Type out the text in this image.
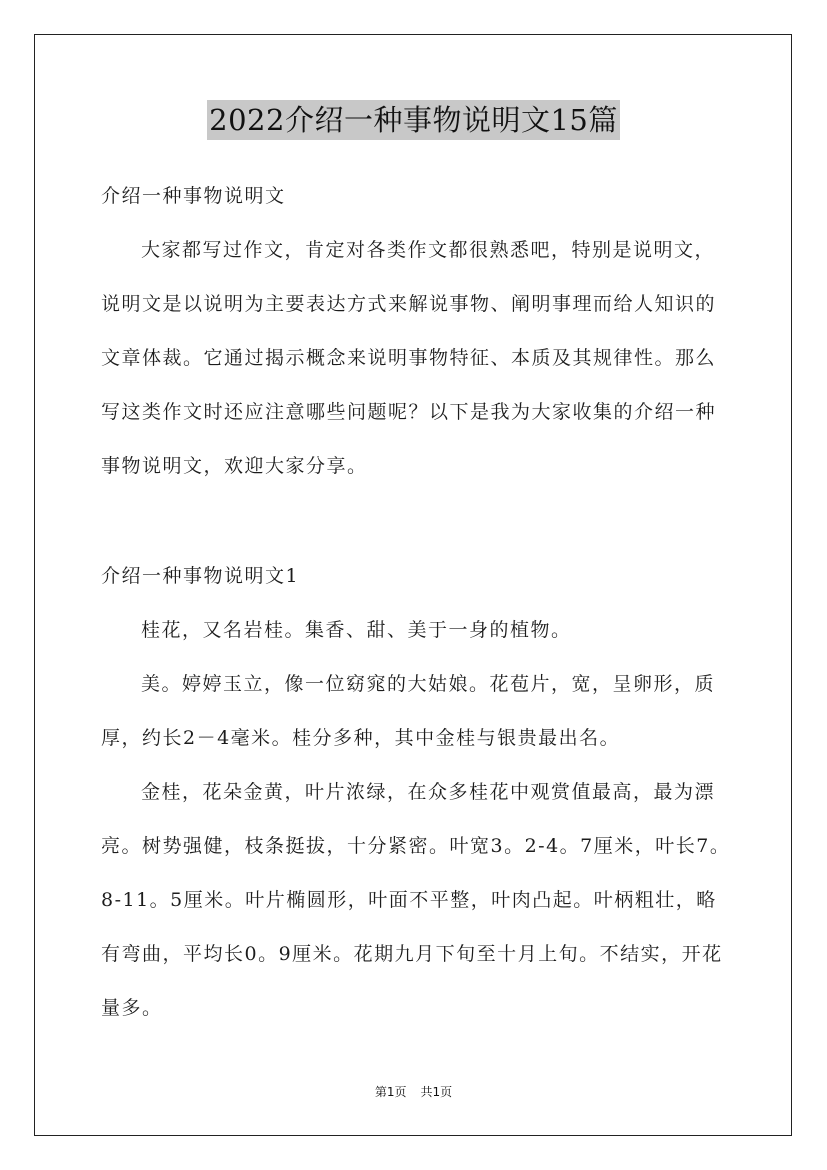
2022介绍一种事物说明文15篇
介绍一种事物说明文
大家都写过作文，肯定对各类作文都很熟悉吧，特别是说明文，
说明文是以说明为主要表达方式来解说事物、阐明事理而给人知识的
文章体裁。它通过揭示概念来说明事物特征、本质及其规律性。那么
写这类作文时还应注意哪些问题呢？以下是我为大家收集的介绍一种
事物说明文，欢迎大家分享。
介绍一种事物说明文1
桂花，又名岩桂。集香、甜、美于一身的植物。
美。婷婷玉立，像一位窈窕的大姑娘。花苞片，宽，呈卵形，质
厚，约长2－4毫米。桂分多种，其中金桂与银贵最出名。
金桂，花朵金黄，叶片浓绿，在众多桂花中观赏值最高，最为漂
亮。树势强健，枝条挺拔，十分紧密。叶宽3。2-4。7厘米，叶长7。
8-11。5厘米。叶片椭圆形，叶面不平整，叶肉凸起。叶柄粗壮，略
有弯曲，平均长0。9厘米。花期九月下旬至十月上旬。不结实，开花
量多。
第1页 共1页
